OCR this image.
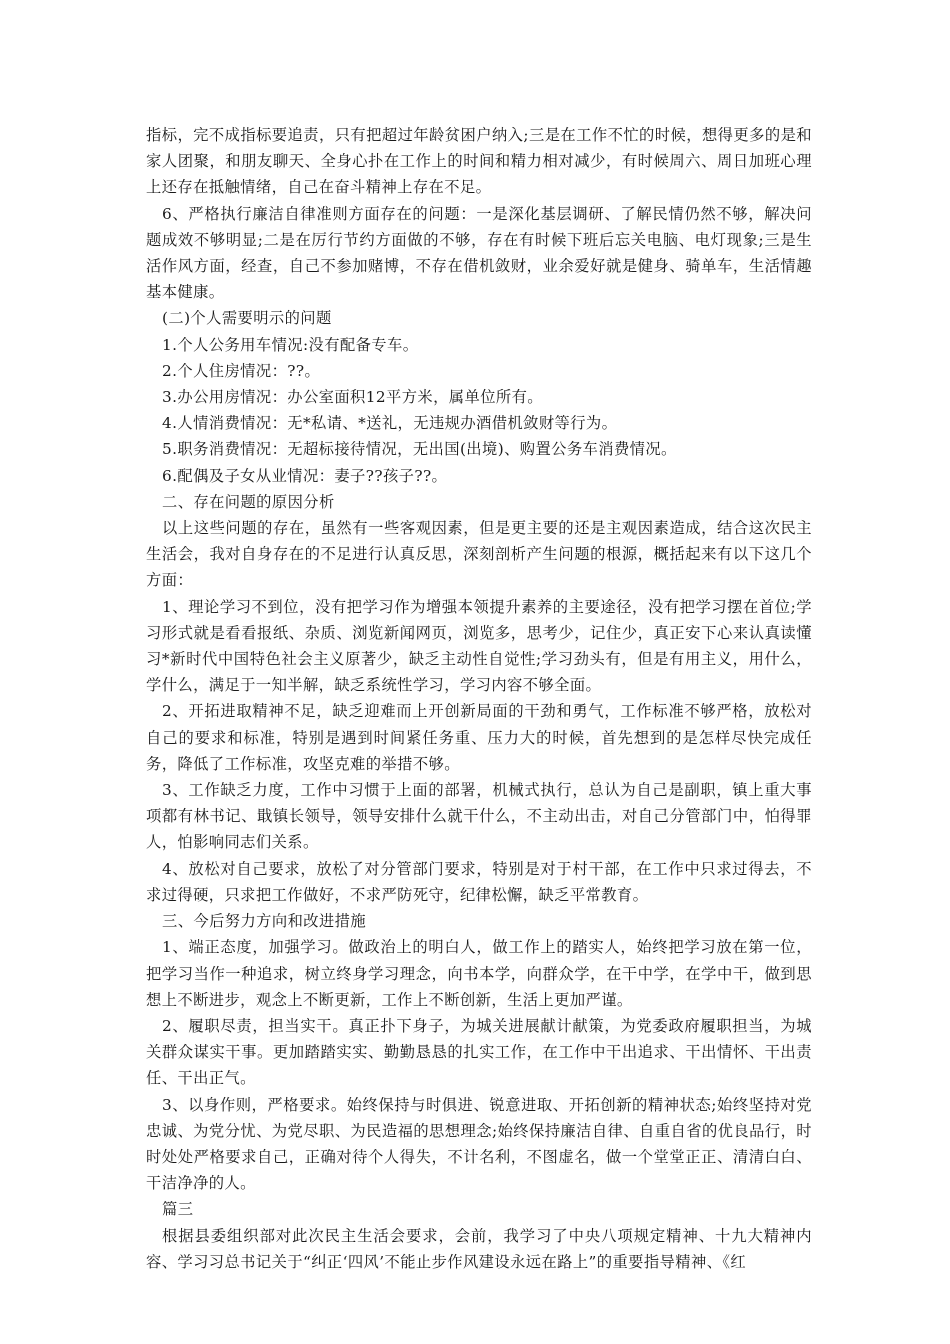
指标，完不成指标要追责，只有把超过年龄贫困户纳入;三是在工作不忙的时候，想得更多的是和家人团聚，和朋友聊天、全身心扑在工作上的时间和精力相对减少，有时候周六、周日加班心理上还存在抵触情绪，自己在奋斗精神上存在不足。

6、严格执行廉洁自律准则方面存在的问题：一是深化基层调研、了解民情仍然不够，解决问题成效不够明显;二是在厉行节约方面做的不够，存在有时候下班后忘关电脑、电灯现象;三是生活作风方面，经查，自己不参加赌博，不存在借机敛财，业余爱好就是健身、骑单车，生活情趣基本健康。

(二)个人需要明示的问题

1.个人公务用车情况:没有配备专车。

2.个人住房情况：??。

3.办公用房情况：办公室面积12平方米，属单位所有。

4.人情消费情况：无*私请、*送礼，无违规办酒借机敛财等行为。

5.职务消费情况：无超标接待情况，无出国(出境)、购置公务车消费情况。

6.配偶及子女从业情况：妻子??孩子??。

二、存在问题的原因分析

以上这些问题的存在，虽然有一些客观因素，但是更主要的还是主观因素造成，结合这次民主生活会，我对自身存在的不足进行认真反思，深刻剖析产生问题的根源，概括起来有以下这几个方面：

1、理论学习不到位，没有把学习作为增强本领提升素养的主要途径，没有把学习摆在首位;学习形式就是看看报纸、杂质、浏览新闻网页，浏览多，思考少，记住少，真正安下心来认真读懂习*新时代中国特色社会主义原著少，缺乏主动性自觉性;学习劲头有，但是有用主义，用什么，学什么，满足于一知半解，缺乏系统性学习，学习内容不够全面。

2、开拓进取精神不足，缺乏迎难而上开创新局面的干劲和勇气，工作标准不够严格，放松对自己的要求和标准，特别是遇到时间紧任务重、压力大的时候，首先想到的是怎样尽快完成任务，降低了工作标准，攻坚克难的举措不够。

3、工作缺乏力度，工作中习惯于上面的部署，机械式执行，总认为自己是副职，镇上重大事项都有林书记、戢镇长领导，领导安排什么就干什么，不主动出击，对自己分管部门中，怕得罪人，怕影响同志们关系。

4、放松对自己要求，放松了对分管部门要求，特别是对于村干部，在工作中只求过得去，不求过得硬，只求把工作做好，不求严防死守，纪律松懈，缺乏平常教育。

三、今后努力方向和改进措施

1、端正态度，加强学习。做政治上的明白人，做工作上的踏实人，始终把学习放在第一位，把学习当作一种追求，树立终身学习理念，向书本学，向群众学，在干中学，在学中干，做到思想上不断进步，观念上不断更新，工作上不断创新，生活上更加严谨。

2、履职尽责，担当实干。真正扑下身子，为城关进展献计献策，为党委政府履职担当，为城关群众谋实干事。更加踏踏实实、勤勤恳恳的扎实工作，在工作中干出追求、干出情怀、干出责任、干出正气。

3、以身作则，严格要求。始终保持与时俱进、锐意进取、开拓创新的精神状态;始终坚持对党忠诚、为党分忧、为党尽职、为民造福的思想理念;始终保持廉洁自律、自重自省的优良品行，时时处处严格要求自己，正确对待个人得失，不计名利，不图虚名，做一个堂堂正正、清清白白、干洁净净的人。

篇三

根据县委组织部对此次民主生活会要求，会前，我学习了中央八项规定精神、十九大精神内容、学习习总书记关于“纠正‘四风’不能止步作风建设永远在路上”的重要指导精神、《红
